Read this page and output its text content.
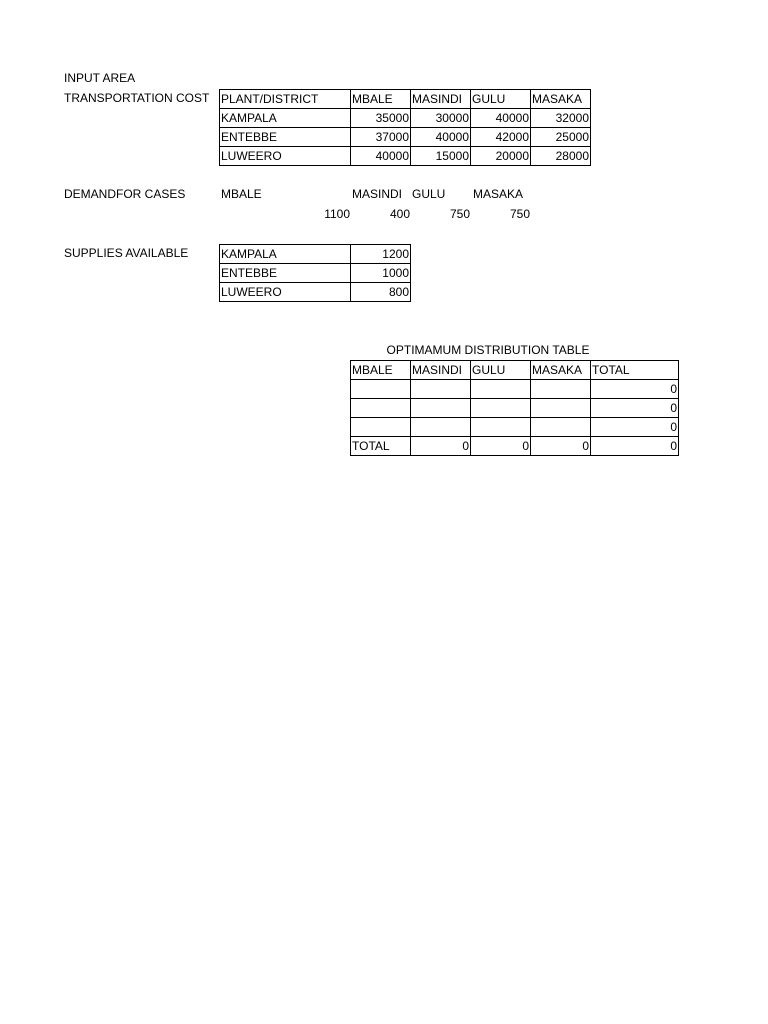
INPUT AREA
TRANSPORTATION COST PLANT/DISTRICT	MBALE	MASINDI	GULU	MASAKA
KAMPALA	35000	30000	40000	32000
ENTEBBE	37000	40000	42000	25000
LUWEERO	40000	15000	20000	28000
DEMANDFOR CASES	MBALE	MASINDI GULU MASAKA
1100	400	750	750
SUPPLIES AVAILABLE	KAMPALA	1200
ENTEBBE	1000
LUWEERO	800
OPTIMAMUM DISTRIBUTION TABLE
MBALE	MASINDI	GULU	MASAKA	TOTAL
				0
				0
				0
TOTAL	0	0	0	0
